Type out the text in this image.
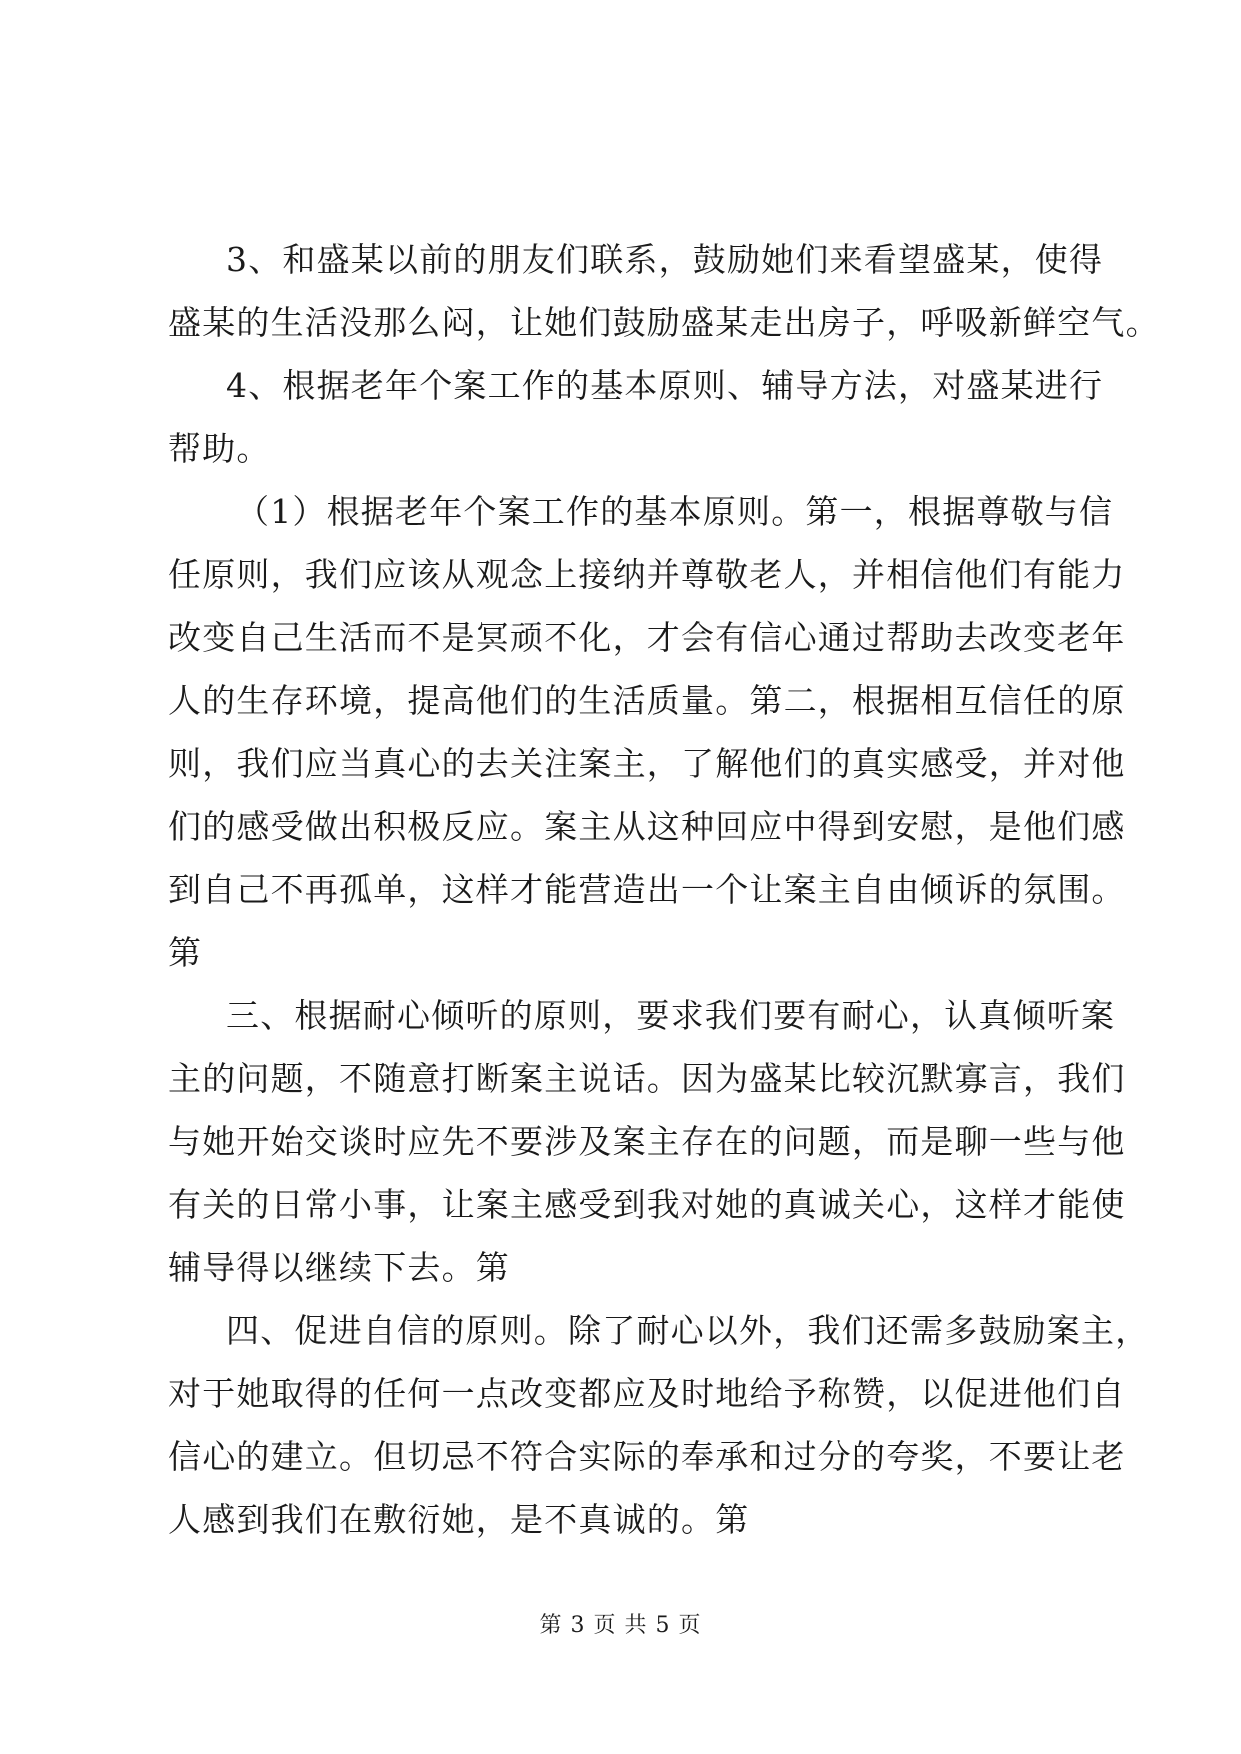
3、和盛某以前的朋友们联系，鼓励她们来看望盛某，使得
盛某的生活没那么闷，让她们鼓励盛某走出房子，呼吸新鲜空气。
4、根据老年个案工作的基本原则、辅导方法，对盛某进行
帮助。
（1）根据老年个案工作的基本原则。第一，根据尊敬与信
任原则，我们应该从观念上接纳并尊敬老人，并相信他们有能力
改变自己生活而不是冥顽不化，才会有信心通过帮助去改变老年
人的生存环境，提高他们的生活质量。第二，根据相互信任的原
则，我们应当真心的去关注案主，了解他们的真实感受，并对他
们的感受做出积极反应。案主从这种回应中得到安慰，是他们感
到自己不再孤单，这样才能营造出一个让案主自由倾诉的氛围。
第
三、根据耐心倾听的原则，要求我们要有耐心，认真倾听案
主的问题，不随意打断案主说话。因为盛某比较沉默寡言，我们
与她开始交谈时应先不要涉及案主存在的问题，而是聊一些与他
有关的日常小事，让案主感受到我对她的真诚关心，这样才能使
辅导得以继续下去。第
四、促进自信的原则。除了耐心以外，我们还需多鼓励案主，
对于她取得的任何一点改变都应及时地给予称赞，以促进他们自
信心的建立。但切忌不符合实际的奉承和过分的夸奖，不要让老
人感到我们在敷衍她，是不真诚的。第
第 3 页 共 5 页
